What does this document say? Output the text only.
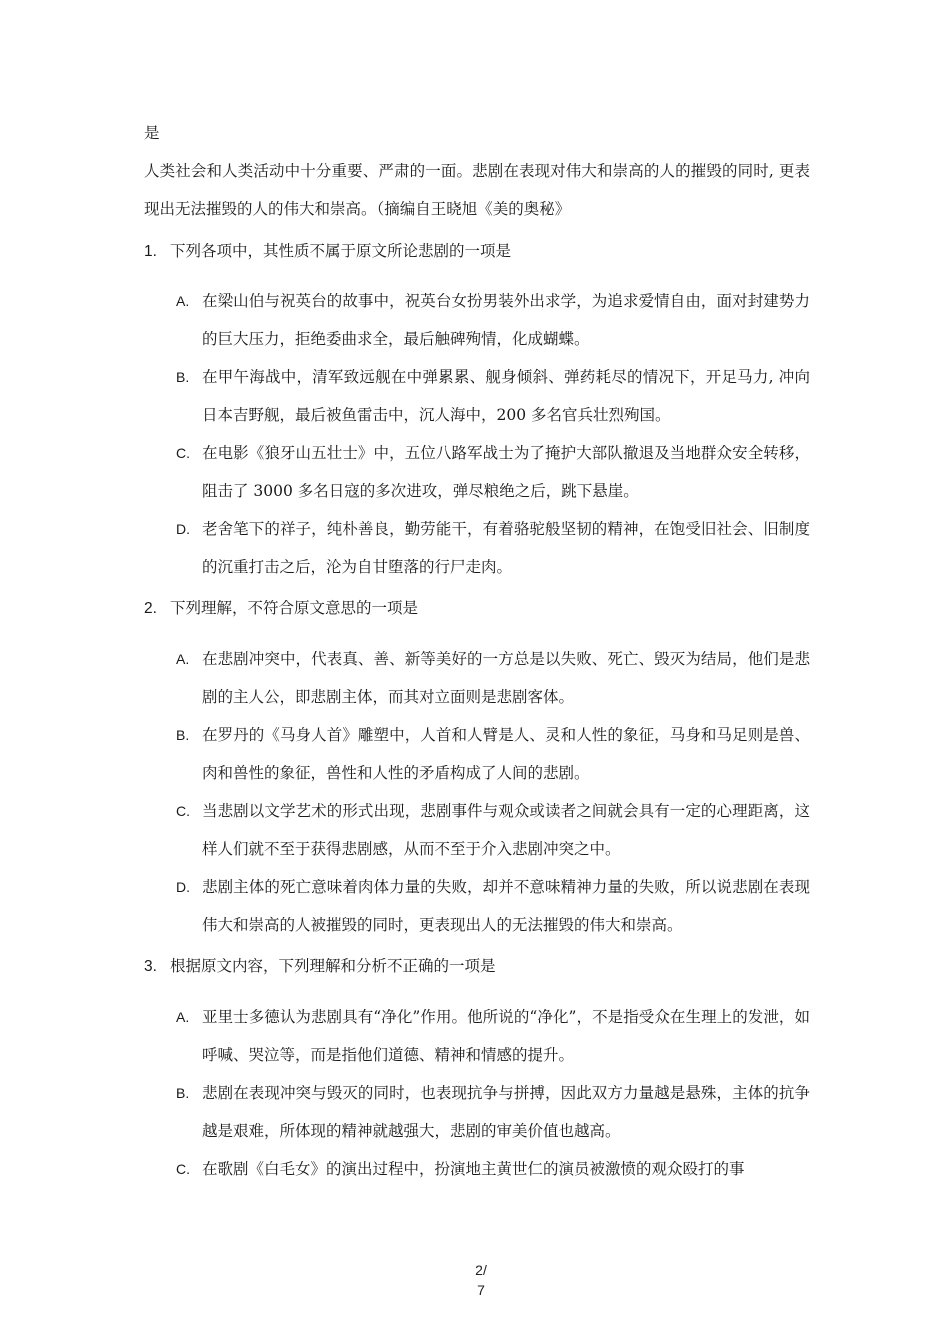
是
人类社会和人类活动中十分重要、严肃的一面。悲剧在表现对伟大和崇高的人的摧毁的同时, 更表现出无法摧毁的人的伟大和崇高。（摘编自王晓旭《美的奥秘》
1. 下列各项中，其性质不属于原文所论悲剧的一项是
A. 在梁山伯与祝英台的故事中，祝英台女扮男装外出求学，为追求爱情自由，面对封建势力的巨大压力，拒绝委曲求全，最后触碑殉情，化成蝴蝶。
B. 在甲午海战中，清军致远舰在中弹累累、舰身倾斜、弹药耗尽的情况下，开足马力, 冲向日本吉野舰，最后被鱼雷击中，沉人海中，200 多名官兵壮烈殉国。
C. 在电影《狼牙山五壮士》中，五位八路军战士为了掩护大部队撤退及当地群众安全转移，阻击了 3000 多名日寇的多次进攻，弹尽粮绝之后，跳下悬崖。
D. 老舍笔下的祥子，纯朴善良，勤劳能干，有着骆驼般坚韧的精神，在饱受旧社会、旧制度的沉重打击之后，沦为自甘堕落的行尸走肉。
2. 下列理解，不符合原文意思的一项是
A. 在悲剧冲突中，代表真、善、新等美好的一方总是以失败、死亡、毁灭为结局，他们是悲剧的主人公，即悲剧主体，而其对立面则是悲剧客体。
B. 在罗丹的《马身人首》雕塑中，人首和人臂是人、灵和人性的象征，马身和马足则是兽、肉和兽性的象征，兽性和人性的矛盾构成了人间的悲剧。
C. 当悲剧以文学艺术的形式出现，悲剧事件与观众或读者之间就会具有一定的心理距离，这样人们就不至于获得悲剧感，从而不至于介入悲剧冲突之中。
D. 悲剧主体的死亡意味着肉体力量的失败，却并不意味精神力量的失败，所以说悲剧在表现伟大和崇高的人被摧毁的同时，更表现出人的无法摧毁的伟大和崇高。
3. 根据原文内容，下列理解和分析不正确的一项是
A. 亚里士多德认为悲剧具有“净化”作用。他所说的“净化”，不是指受众在生理上的发泄，如呼喊、哭泣等，而是指他们道德、精神和情感的提升。
B. 悲剧在表现冲突与毁灭的同时，也表现抗争与拼搏，因此双方力量越是悬殊，主体的抗争越是艰难，所体现的精神就越强大，悲剧的审美价值也越高。
C. 在歌剧《白毛女》的演出过程中，扮演地主黄世仁的演员被激愤的观众殴打的事
2/
7
